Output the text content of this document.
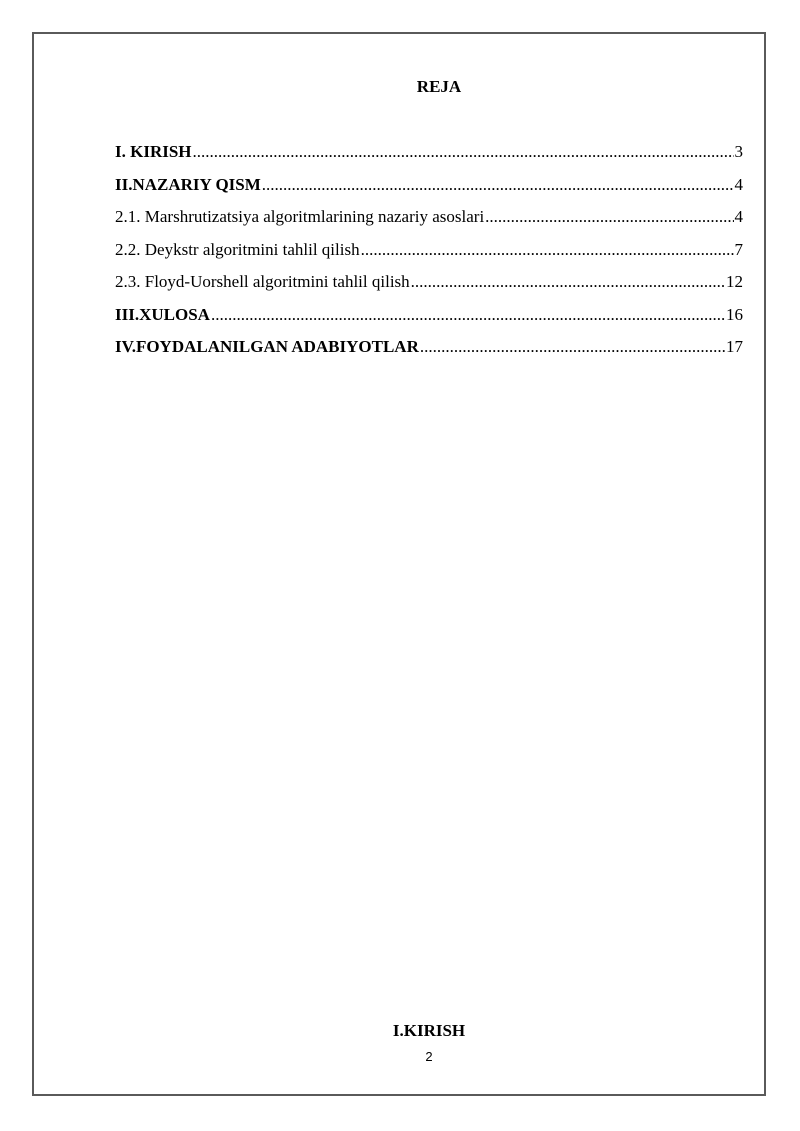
REJA
I. KIRISH .....	3
II.NAZARIY QISM .....	4
2.1. Marshrutizatsiya algoritmlarining nazariy asoslari .....	4
2.2. Deykstr algoritmini tahlil qilish .....	7
2.3. Floyd-Uorshell algoritmini tahlil qilish .....	12
III.XULOSA .....	16
IV.FOYDALANILGAN ADABIYOTLAR .....	17
I.KIRISH
2
